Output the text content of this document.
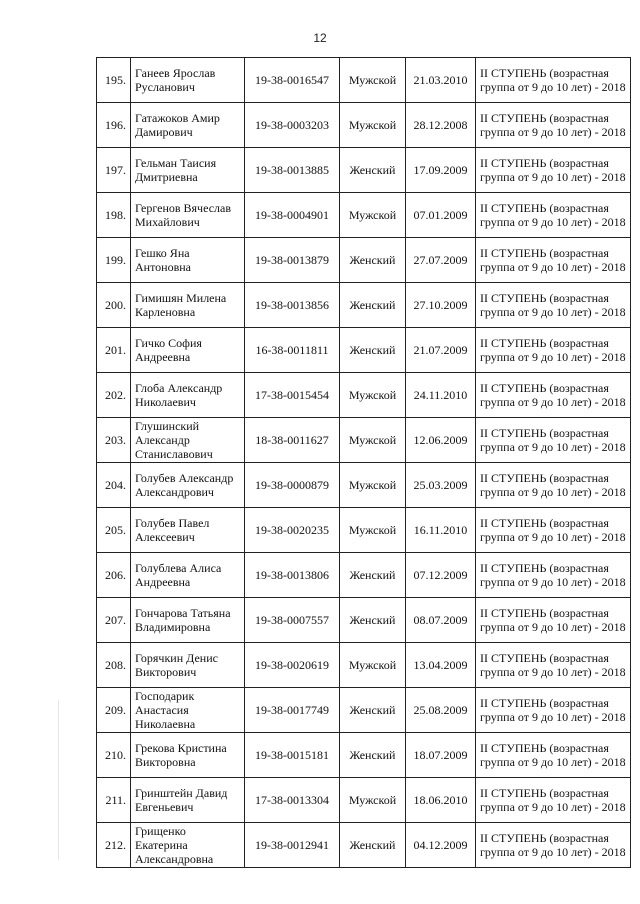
12
195.	Ганеев Ярослав Русланович	19-38-0016547	Мужской	21.03.2010	II СТУПЕНЬ (возрастная группа от 9 до 10 лет) - 2018
196.	Гатажоков Амир Дамирович	19-38-0003203	Мужской	28.12.2008	II СТУПЕНЬ (возрастная группа от 9 до 10 лет) - 2018
197.	Гельман Таисия Дмитриевна	19-38-0013885	Женский	17.09.2009	II СТУПЕНЬ (возрастная группа от 9 до 10 лет) - 2018
198.	Гергенов Вячеслав Михайлович	19-38-0004901	Мужской	07.01.2009	II СТУПЕНЬ (возрастная группа от 9 до 10 лет) - 2018
199.	Гешко Яна Антоновна	19-38-0013879	Женский	27.07.2009	II СТУПЕНЬ (возрастная группа от 9 до 10 лет) - 2018
200.	Гимишян Милена Карленовна	19-38-0013856	Женский	27.10.2009	II СТУПЕНЬ (возрастная группа от 9 до 10 лет) - 2018
201.	Гичко София Андреевна	16-38-0011811	Женский	21.07.2009	II СТУПЕНЬ (возрастная группа от 9 до 10 лет) - 2018
202.	Глоба Александр Николаевич	17-38-0015454	Мужской	24.11.2010	II СТУПЕНЬ (возрастная группа от 9 до 10 лет) - 2018
203.	Глушинский Александр Станиславович	18-38-0011627	Мужской	12.06.2009	II СТУПЕНЬ (возрастная группа от 9 до 10 лет) - 2018
204.	Голубев Александр Александрович	19-38-0000879	Мужской	25.03.2009	II СТУПЕНЬ (возрастная группа от 9 до 10 лет) - 2018
205.	Голубев Павел Алексеевич	19-38-0020235	Мужской	16.11.2010	II СТУПЕНЬ (возрастная группа от 9 до 10 лет) - 2018
206.	Голублева Алиса Андреевна	19-38-0013806	Женский	07.12.2009	II СТУПЕНЬ (возрастная группа от 9 до 10 лет) - 2018
207.	Гончарова Татьяна Владимировна	19-38-0007557	Женский	08.07.2009	II СТУПЕНЬ (возрастная группа от 9 до 10 лет) - 2018
208.	Горячкин Денис Викторович	19-38-0020619	Мужской	13.04.2009	II СТУПЕНЬ (возрастная группа от 9 до 10 лет) - 2018
209.	Господарик Анастасия Николаевна	19-38-0017749	Женский	25.08.2009	II СТУПЕНЬ (возрастная группа от 9 до 10 лет) - 2018
210.	Грекова Кристина Викторовна	19-38-0015181	Женский	18.07.2009	II СТУПЕНЬ (возрастная группа от 9 до 10 лет) - 2018
211.	Гринштейн Давид Евгеньевич	17-38-0013304	Мужской	18.06.2010	II СТУПЕНЬ (возрастная группа от 9 до 10 лет) - 2018
212.	Грищенко Екатерина Александровна	19-38-0012941	Женский	04.12.2009	II СТУПЕНЬ (возрастная группа от 9 до 10 лет) - 2018
